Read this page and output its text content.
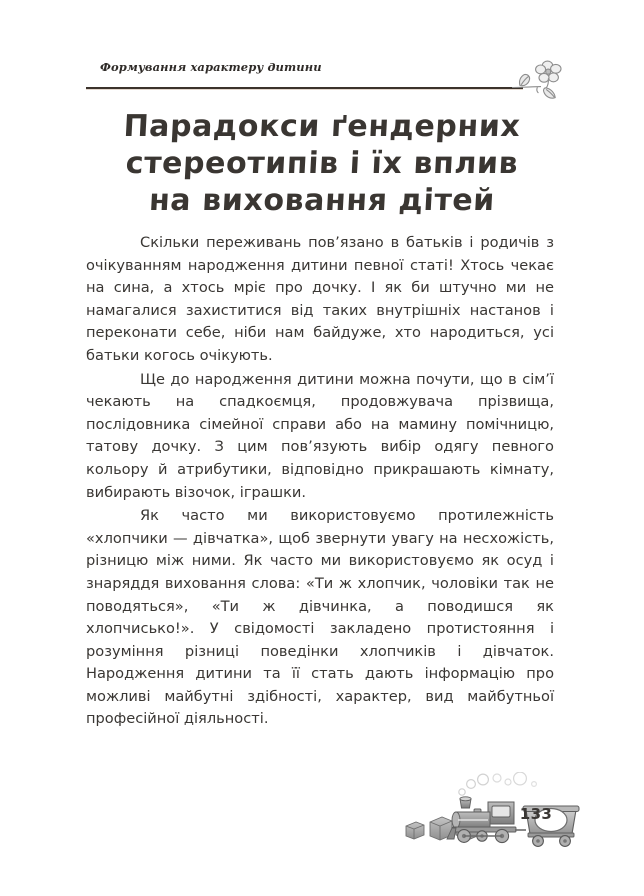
Формування характеру дитини
Парадокси ґендерних
стереотипів і їх вплив
на виховання дітей

Скільки переживань пов’язано в батьків і родичів з очікуванням народження дитини певної статі! Хтось чекає на сина, а хтось мріє про дочку. І як би штучно ми не намагалися захиститися від таких внутрішніх настанов і переконати себе, ніби нам байдуже, хто народиться, усі батьки когось очікують.

Ще до народження дитини можна почути, що в сім’ї чекають на спадкоємця, продовжувача прізвища, послідовника сімейної справи або на мамину помічницю, татову дочку. З цим пов’язують вибір одягу певного кольору й атрибутики, відповідно прикрашають кімнату, вибирають візочок, іграшки.

Як часто ми використовуємо протилежність «хлопчики — дівчатка», щоб звернути увагу на несхожість, різницю між ними. Як часто ми використовуємо як осуд і знаряддя виховання слова: «Ти ж хлопчик, чоловіки так не поводяться», «Ти ж дівчинка, а поводишся як хлопчисько!». У свідомості закладено протистояння і розуміння різниці поведінки хлопчиків і дівчаток. Народження дитини та її стать дають інформацію про можливі майбутні здібності, характер, вид майбутньої професійної діяльності.

133
